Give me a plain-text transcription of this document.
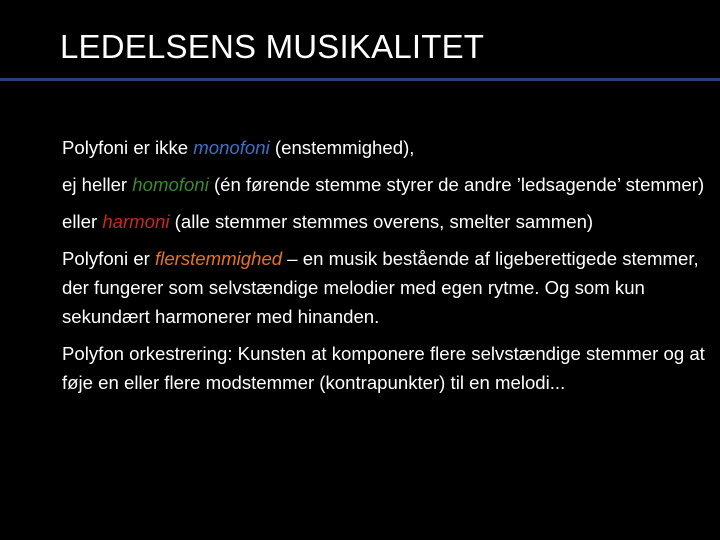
LEDELSENS MUSIKALITET

Polyfoni er ikke monofoni (enstemmighed),

ej heller homofoni (én førende stemme styrer de andre ’ledsagende’ stemmer)

eller harmoni (alle stemmer stemmes overens, smelter sammen)

Polyfoni er flerstemmighed – en musik bestående af ligeberettigede stemmer, der fungerer som selvstændige melodier med egen rytme. Og som kun sekundært harmonerer med hinanden.

Polyfon orkestrering: Kunsten at komponere flere selvstændige stemmer og at føje en eller flere modstemmer (kontrapunkter) til en melodi...
